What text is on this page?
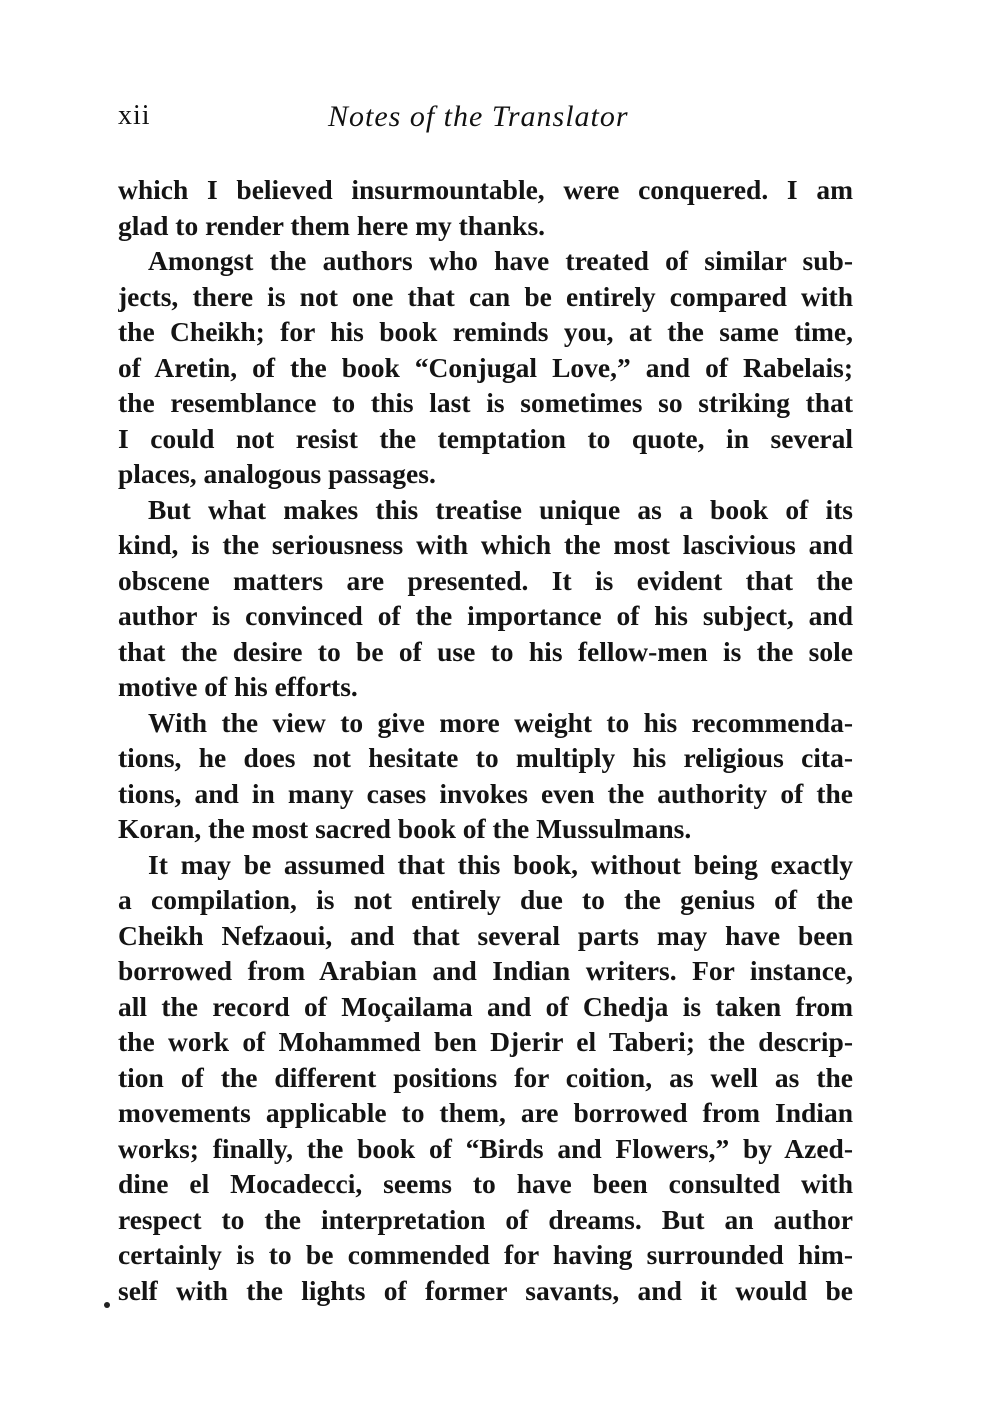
xii	Notes of the Translator
which I believed insurmountable, were conquered. I am
glad to render them here my thanks.
Amongst the authors who have treated of similar sub-
jects, there is not one that can be entirely compared with
the Cheikh; for his book reminds you, at the same time,
of Aretin, of the book “Conjugal Love,” and of Rabelais;
the resemblance to this last is sometimes so striking that
I could not resist the temptation to quote, in several
places, analogous passages.
But what makes this treatise unique as a book of its
kind, is the seriousness with which the most lascivious and
obscene matters are presented. It is evident that the
author is convinced of the importance of his subject, and
that the desire to be of use to his fellow-men is the sole
motive of his efforts.
With the view to give more weight to his recommenda-
tions, he does not hesitate to multiply his religious cita-
tions, and in many cases invokes even the authority of the
Koran, the most sacred book of the Mussulmans.
It may be assumed that this book, without being exactly
a compilation, is not entirely due to the genius of the
Cheikh Nefzaoui, and that several parts may have been
borrowed from Arabian and Indian writers. For instance,
all the record of Moçailama and of Chedja is taken from
the work of Mohammed ben Djerir el Taberi; the descrip-
tion of the different positions for coition, as well as the
movements applicable to them, are borrowed from Indian
works; finally, the book of “Birds and Flowers,” by Azed-
dine el Mocadecci, seems to have been consulted with
respect to the interpretation of dreams. But an author
certainly is to be commended for having surrounded him-
self with the lights of former savants, and it would be
